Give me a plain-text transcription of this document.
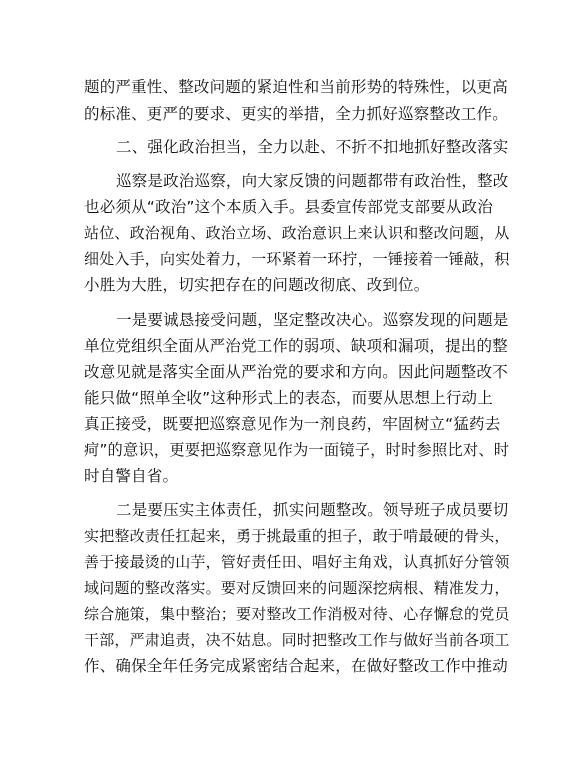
题的严重性、整改问题的紧迫性和当前形势的特殊性，以更高
的标准、更严的要求、更实的举措，全力抓好巡察整改工作。
二、强化政治担当，全力以赴、不折不扣地抓好整改落实
巡察是政治巡察，向大家反馈的问题都带有政治性，整改
也必须从“政治”这个本质入手。县委宣传部党支部要从政治
站位、政治视角、政治立场、政治意识上来认识和整改问题，从
细处入手，向实处着力，一环紧着一环拧，一锤接着一锤敲，积
小胜为大胜，切实把存在的问题改彻底、改到位。
一是要诚恳接受问题，坚定整改决心。巡察发现的问题是
单位党组织全面从严治党工作的弱项、缺项和漏项，提出的整
改意见就是落实全面从严治党的要求和方向。因此问题整改不
能只做“照单全收”这种形式上的表态，而要从思想上行动上
真正接受，既要把巡察意见作为一剂良药，牢固树立“猛药去
疴”的意识，更要把巡察意见作为一面镜子，时时参照比对、时
时自警自省。
二是要压实主体责任，抓实问题整改。领导班子成员要切
实把整改责任扛起来，勇于挑最重的担子，敢于啃最硬的骨头，
善于接最烫的山芋，管好责任田、唱好主角戏，认真抓好分管领
域问题的整改落实。要对反馈回来的问题深挖病根、精准发力，
综合施策，集中整治；要对整改工作消极对待、心存懈怠的党员
干部，严肃追责，决不姑息。同时把整改工作与做好当前各项工
作、确保全年任务完成紧密结合起来，在做好整改工作中推动
